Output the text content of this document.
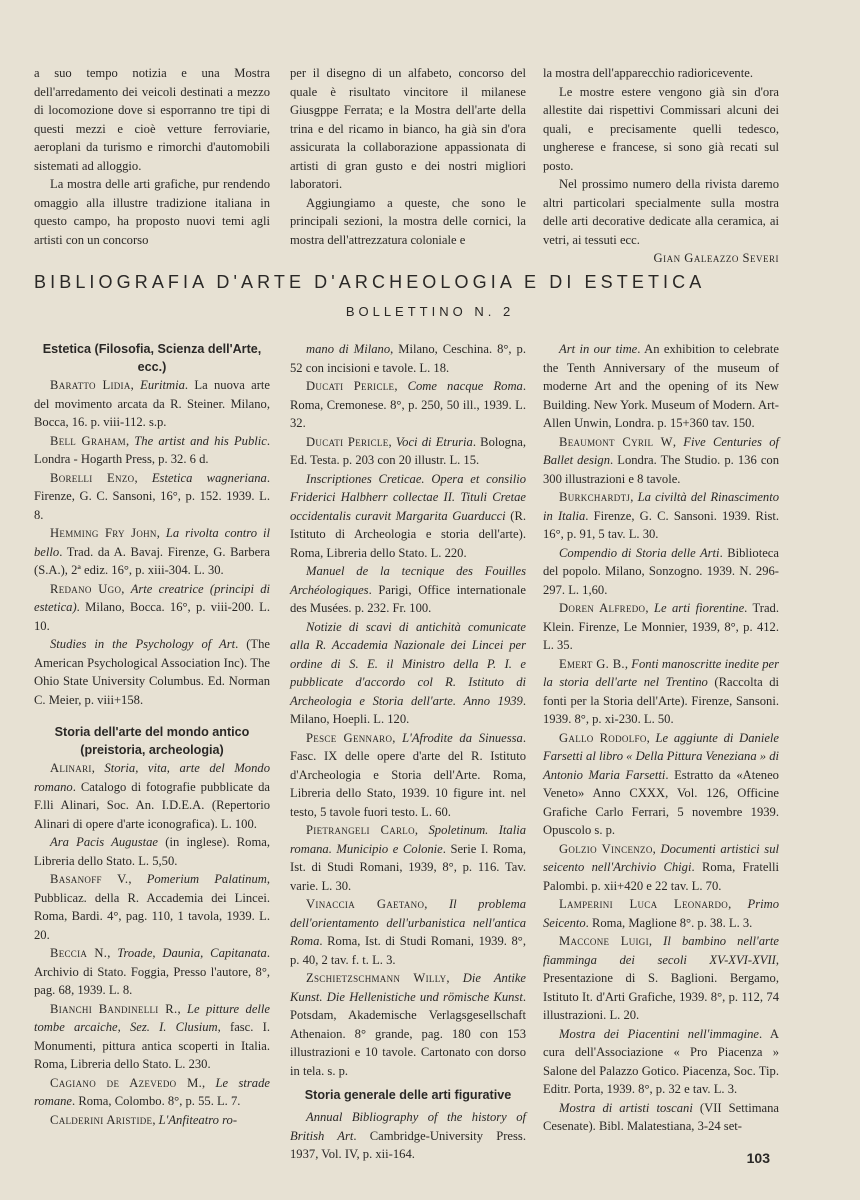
a suo tempo notizia e una Mostra dell'arredamento dei veicoli destinati a mezzo di locomozione dove si esporranno tre tipi di questi mezzi e cioè vetture ferroviarie, aeroplani da turismo e rimorchi d'automobili sistemati ad alloggio.

La mostra delle arti grafiche, pur rendendo omaggio alla illustre tradizione italiana in questo campo, ha proposto nuovi temi agli artisti con un concorso

per il disegno di un alfabeto, concorso del quale è risultato vincitore il milanese Giusgppe Ferrata; e la Mostra dell'arte della trina e del ricamo in bianco, ha già sin d'ora assicurata la collaborazione appassionata di artisti di gran gusto e dei nostri migliori laboratori.

Aggiungiamo a queste, che sono le principali sezioni, la mostra delle cornici, la mostra dell'attrezzatura coloniale e

la mostra dell'apparecchio radioricevente.

Le mostre estere vengono già sin d'ora allestite dai rispettivi Commissari alcuni dei quali, e precisamente quelli tedesco, ungherese e francese, si sono già recati sul posto.

Nel prossimo numero della rivista daremo altri particolari specialmente sulla mostra delle arti decorative dedicate alla ceramica, ai vetri, ai tessuti ecc.

Gian Galeazzo Severi

BIBLIOGRAFIA D'ARTE D'ARCHEOLOGIA E DI ESTETICA
BOLLETTINO N. 2

Estetica (Filosofia, Scienza dell'Arte, ecc.)

Baratto Lidia, Euritmia. La nuova arte del movimento arcata da R. Steiner. Milano, Bocca, 16. p. viii-112. s.p.

Bell Graham, The artist and his Public. Londra - Hogarth Press, p. 32. 6 d.

Borelli Enzo, Estetica wagneriana. Firenze, G. C. Sansoni, 16°, p. 152. 1939. L. 8.

Hemming Fry John, La rivolta contro il bello. Trad. da A. Bavaj. Firenze, G. Barbera (S.A.), 2ª ediz. 16°, p. xiii-304. L. 30.

Redano Ugo, Arte creatrice (principi di estetica). Milano, Bocca. 16°, p. viii-200. L. 10.

Studies in the Psychology of Art. (The American Psychological Association Inc). The Ohio State University Columbus. Ed. Norman C. Meier, p. viii+158.

Storia dell'arte del mondo antico (preistoria, archeologia)

Alinari, Storia, vita, arte del Mondo romano. Catalogo di fotografie pubblicate da F.lli Alinari, Soc. An. I.D.E.A. (Repertorio Alinari di opere d'arte iconografica). L. 100.

Ara Pacis Augustae (in inglese). Roma, Libreria dello Stato. L. 5,50.

Basanoff V., Pomerium Palatinum, Pubblicaz. della R. Accademia dei Lincei. Roma, Bardi. 4°, pag. 110, 1 tavola, 1939. L. 20.

Beccia N., Troade, Daunia, Capitanata. Archivio di Stato. Foggia, Presso l'autore, 8°, pag. 68, 1939. L. 8.

Bianchi Bandinelli R., Le pitture delle tombe arcaiche, Sez. I. Clusium, fasc. I. Monumenti, pittura antica scoperti in Italia. Roma, Libreria dello Stato. L. 230.

Cagiano de Azevedo M., Le strade romane. Roma, Colombo. 8°, p. 55. L. 7.

Calderini Aristide, L'Anfiteatro ro-

mano di Milano, Milano, Ceschina. 8°, p. 52 con incisioni e tavole. L. 18.

Ducati Pericle, Come nacque Roma. Roma, Cremonese. 8°, p. 250, 50 ill., 1939. L. 32.

Ducati Pericle, Voci di Etruria. Bologna, Ed. Testa. p. 203 con 20 illustr. L. 15.

Inscriptiones Creticae. Opera et consilio Friderici Halbherr collectae II. Tituli Cretae occidentalis curavit Margarita Guarducci (R. Istituto di Archeologia e storia dell'arte). Roma, Libreria dello Stato. L. 220.

Manuel de la tecnique des Fouilles Archéologiques. Parigi, Office internationale des Musées. p. 232. Fr. 100.

Notizie di scavi di antichità comunicate alla R. Accademia Nazionale dei Lincei per ordine di S. E. il Ministro della P. I. e pubblicate d'accordo col R. Istituto di Archeologia e Storia dell'arte. Anno 1939. Milano, Hoepli. L. 120.

Pesce Gennaro, L'Afrodite da Sinuessa. Fasc. IX delle opere d'arte del R. Istituto d'Archeologia e Storia dell'Arte. Roma, Libreria dello Stato, 1939. 10 figure int. nel testo, 5 tavole fuori testo. L. 60.

Pietrangeli Carlo, Spoletinum. Italia romana. Municipio e Colonie. Serie I. Roma, Ist. di Studi Romani, 1939, 8°, p. 116. Tav. varie. L. 30.

Vinaccia Gaetano, Il problema dell'orientamento dell'urbanistica nell'antica Roma. Roma, Ist. di Studi Romani, 1939. 8°, p. 40, 2 tav. f. t. L. 3.

Zschietzschmann Willy, Die Antike Kunst. Die Hellenistiche und römische Kunst. Potsdam, Akademische Verlagsgesellschaft Athenaion. 8° grande, pag. 180 con 153 illustrazioni e 10 tavole. Cartonato con dorso in tela. s. p.

Storia generale delle arti figurative

Annual Bibliography of the history of British Art. Cambridge-University Press. 1937, Vol. IV, p. xii-164.

Art in our time. An exhibition to celebrate the Tenth Anniversary of the museum of moderne Art and the opening of its New Building. New York. Museum of Modern. Art-Allen Unwin, Londra. p. 15+360 tav. 150.

Beaumont Cyril W, Five Centuries of Ballet design. Londra. The Studio. p. 136 con 300 illustrazioni e 8 tavole.

Burkchardtj, La civiltà del Rinascimento in Italia. Firenze, G. C. Sansoni. 1939. Rist. 16°, p. 91, 5 tav. L. 30.

Compendio di Storia delle Arti. Biblioteca del popolo. Milano, Sonzogno. 1939. N. 296-297. L. 1,60.

Doren Alfredo, Le arti fiorentine. Trad. Klein. Firenze, Le Monnier, 1939, 8°, p. 412. L. 35.

Emert G. B., Fonti manoscritte inedite per la storia dell'arte nel Trentino (Raccolta di fonti per la Storia dell'Arte). Firenze, Sansoni. 1939. 8°, p. xi-230. L. 50.

Gallo Rodolfo, Le aggiunte di Daniele Farsetti al libro « Della Pittura Veneziana » di Antonio Maria Farsetti. Estratto da «Ateneo Veneto» Anno CXXX, Vol. 126, Officine Grafiche Carlo Ferrari, 5 novembre 1939. Opuscolo s. p.

Golzio Vincenzo, Documenti artistici sul seicento nell'Archivio Chigi. Roma, Fratelli Palombi. p. xii+420 e 22 tav. L. 70.

Lamperini Luca Leonardo, Primo Seicento. Roma, Maglione 8°. p. 38. L. 3.

Maccone Luigi, Il bambino nell'arte fiamminga dei secoli XV-XVI-XVII, Presentazione di S. Baglioni. Bergamo, Istituto It. d'Arti Grafiche, 1939. 8°, p. 112, 74 illustrazioni. L. 20.

Mostra dei Piacentini nell'immagine. A cura dell'Associazione « Pro Piacenza » Salone del Palazzo Gotico. Piacenza, Soc. Tip. Editr. Porta, 1939. 8°, p. 32 e tav. L. 3.

Mostra di artisti toscani (VII Settimana Cesenate). Bibl. Malatestiana, 3-24 set-

103
